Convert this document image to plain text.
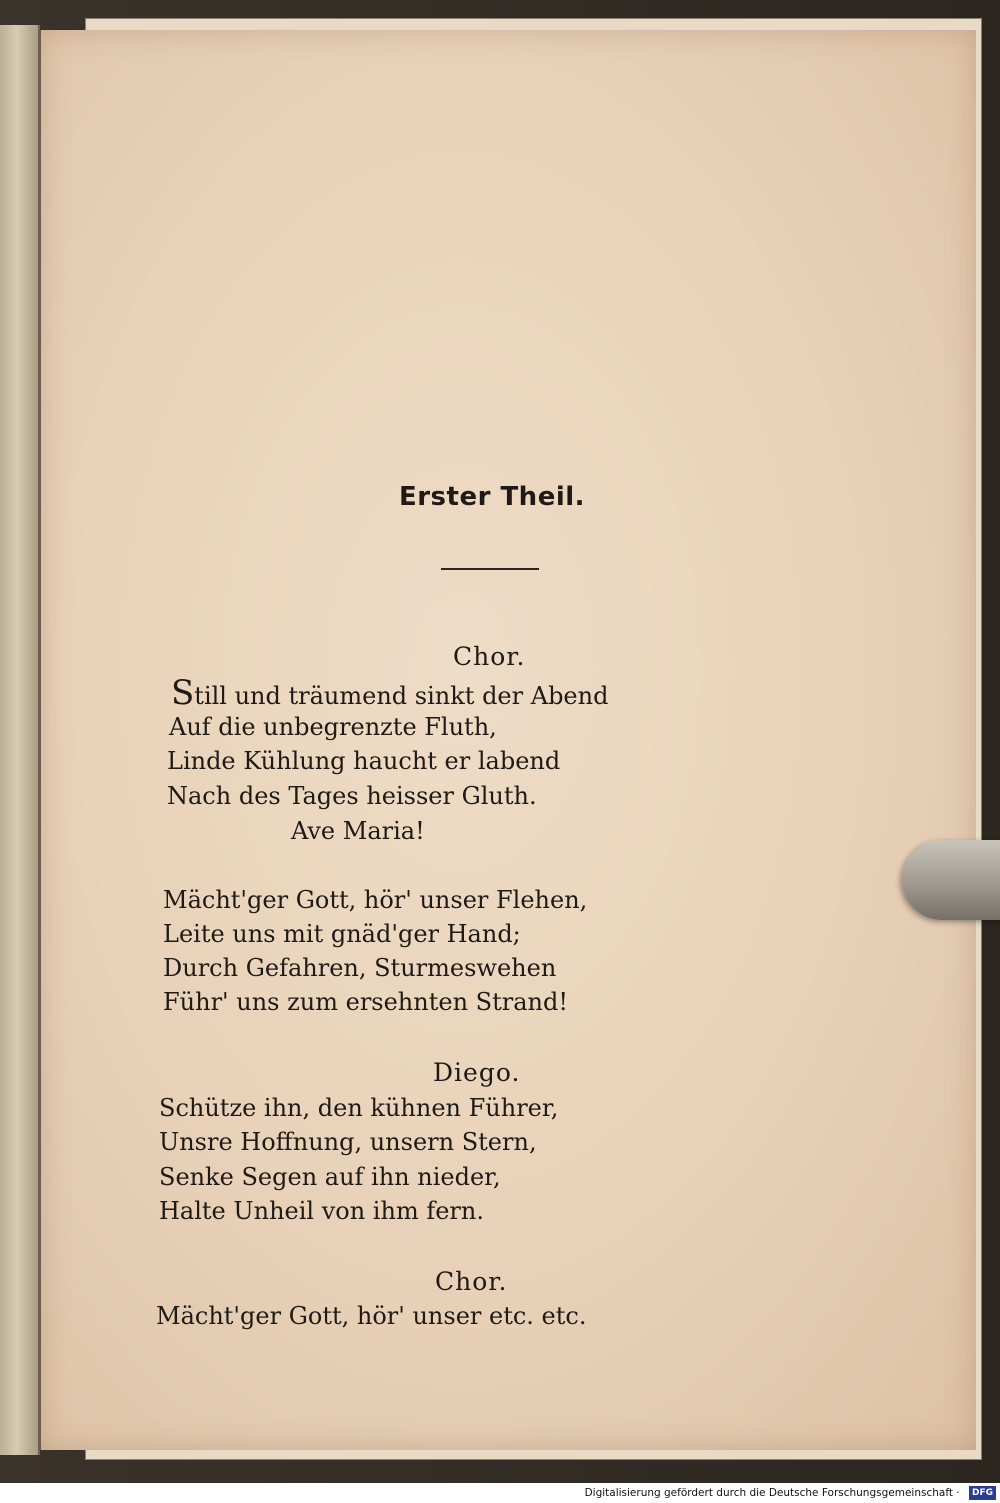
Erster Theil.
Chor.
Still und träumend sinkt der Abend
Auf die unbegrenzte Fluth,
Linde Kühlung haucht er labend
Nach des Tages heisser Gluth.
Ave Maria!
Mächt'ger Gott, hör' unser Flehen,
Leite uns mit gnäd'ger Hand;
Durch Gefahren, Sturmeswehen
Führ' uns zum ersehnten Strand!
Diego.
Schütze ihn, den kühnen Führer,
Unsre Hoffnung, unsern Stern,
Senke Segen auf ihn nieder,
Halte Unheil von ihm fern.
Chor.
Mächt'ger Gott, hör' unser etc. etc.
Digitalisierung gefördert durch die Deutsche Forschungsgemeinschaft · DFG
